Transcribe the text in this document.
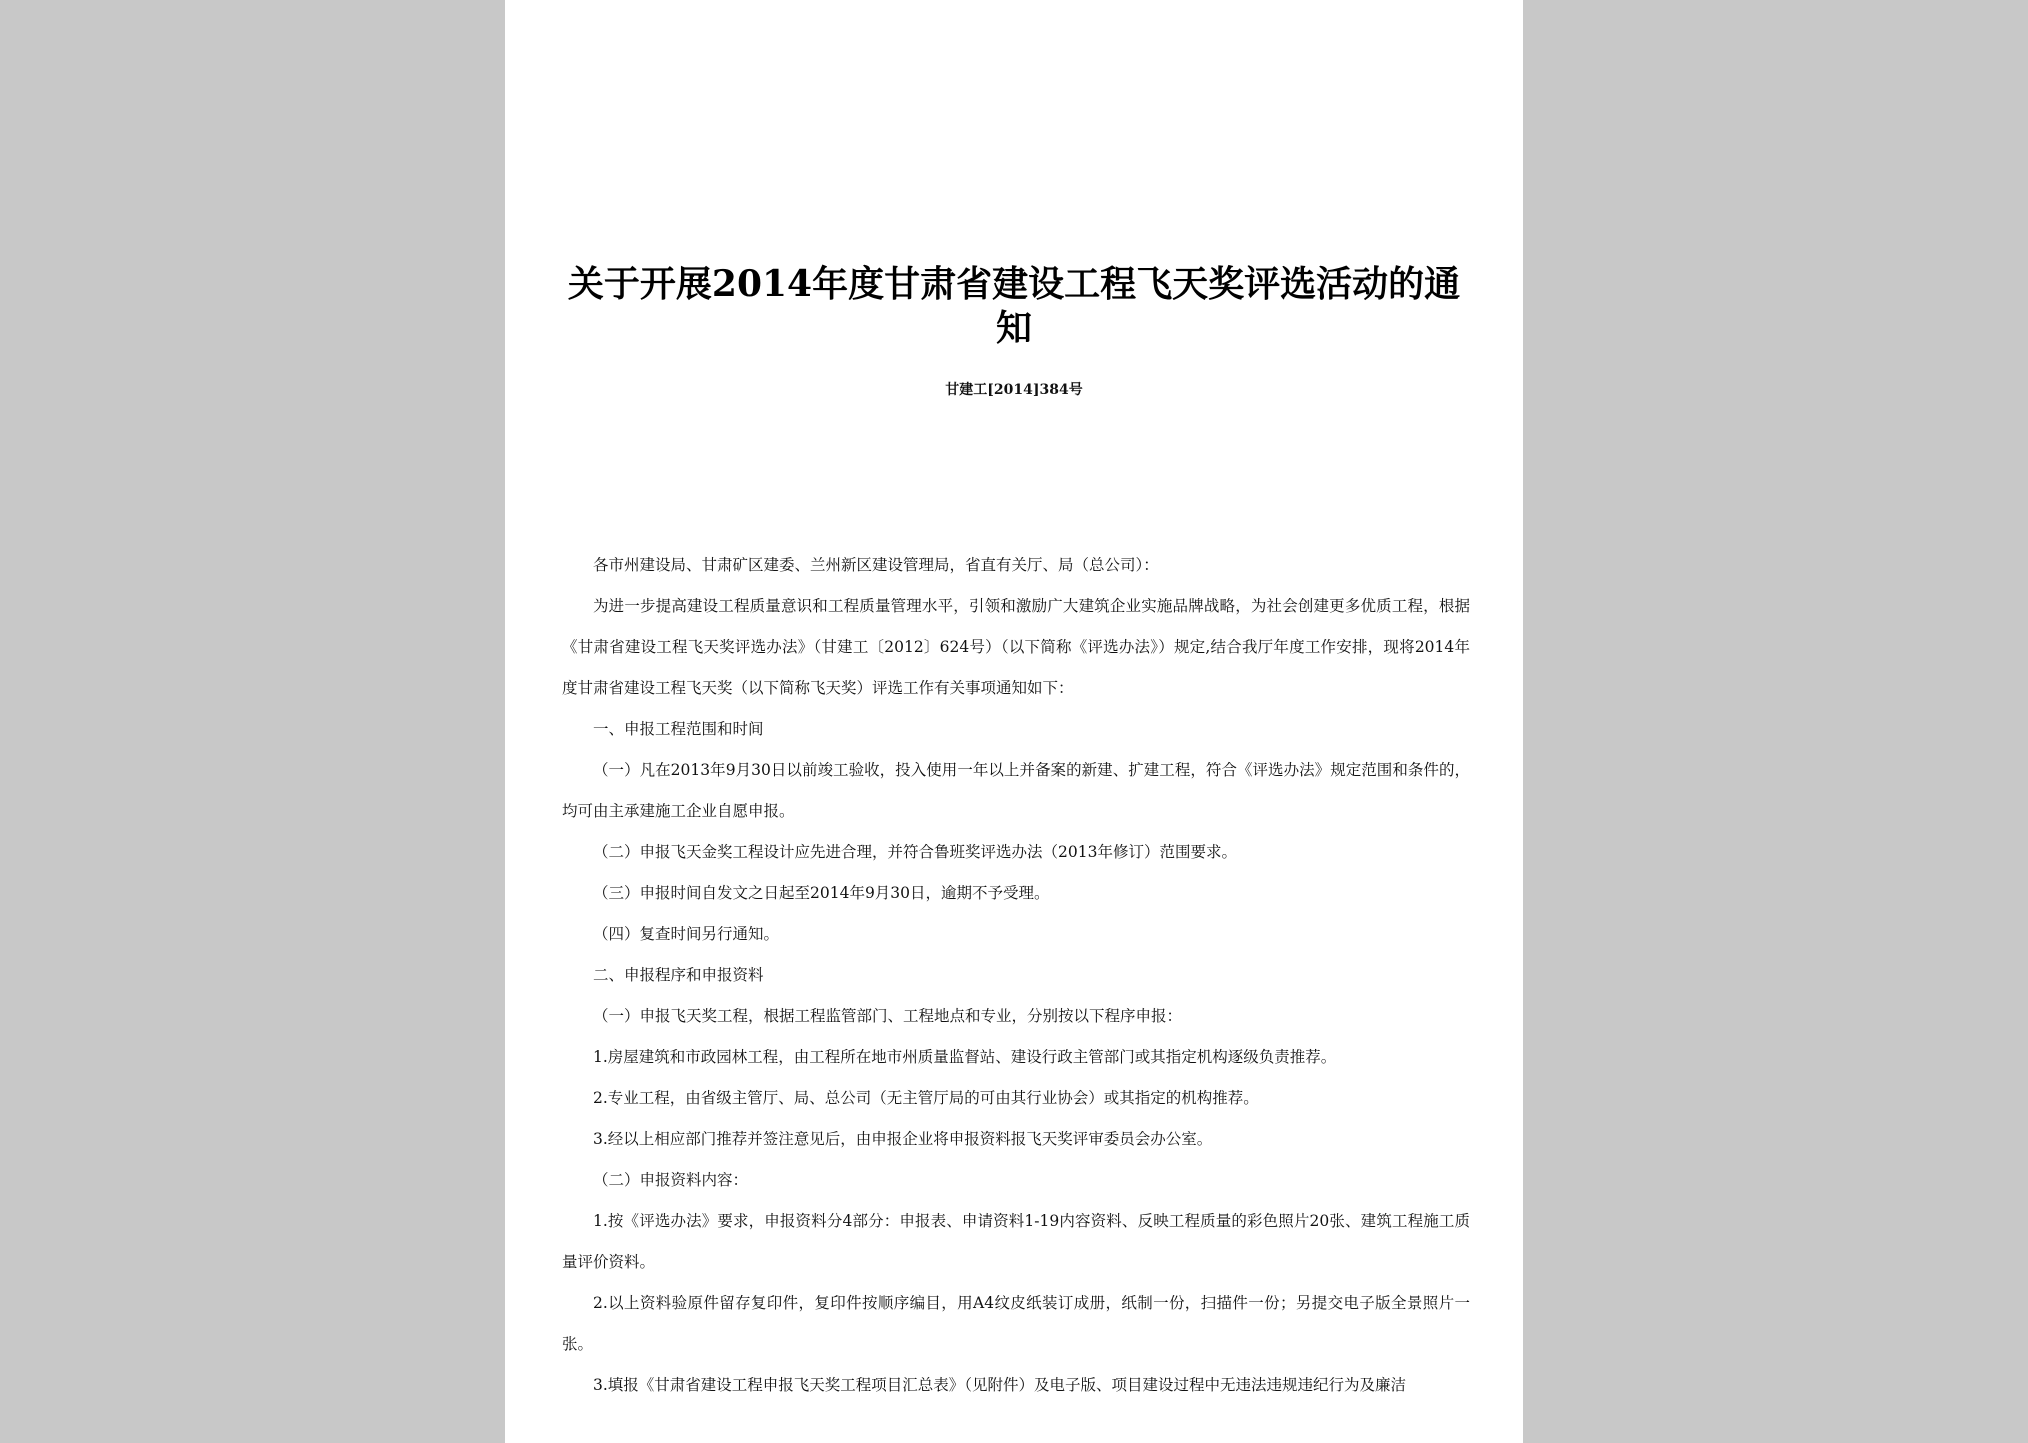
关于开展2014年度甘肃省建设工程飞天奖评选活动的通知
甘建工[2014]384号

各市州建设局、甘肃矿区建委、兰州新区建设管理局，省直有关厅、局（总公司）：

为进一步提高建设工程质量意识和工程质量管理水平，引领和激励广大建筑企业实施品牌战略，为社会创建更多优质工程，根据《甘肃省建设工程飞天奖评选办法》（甘建工〔2012〕624号）（以下简称《评选办法》）规定,结合我厅年度工作安排，现将2014年度甘肃省建设工程飞天奖（以下简称飞天奖）评选工作有关事项通知如下：

一、申报工程范围和时间

（一）凡在2013年9月30日以前竣工验收，投入使用一年以上并备案的新建、扩建工程，符合《评选办法》规定范围和条件的，均可由主承建施工企业自愿申报。

（二）申报飞天金奖工程设计应先进合理，并符合鲁班奖评选办法（2013年修订）范围要求。

（三）申报时间自发文之日起至2014年9月30日，逾期不予受理。

（四）复查时间另行通知。

二、申报程序和申报资料

（一）申报飞天奖工程，根据工程监管部门、工程地点和专业，分别按以下程序申报：

1.房屋建筑和市政园林工程，由工程所在地市州质量监督站、建设行政主管部门或其指定机构逐级负责推荐。

2.专业工程，由省级主管厅、局、总公司（无主管厅局的可由其行业协会）或其指定的机构推荐。

3.经以上相应部门推荐并签注意见后，由申报企业将申报资料报飞天奖评审委员会办公室。

（二）申报资料内容：

1.按《评选办法》要求，申报资料分4部分：申报表、申请资料1-19内容资料、反映工程质量的彩色照片20张、建筑工程施工质量评价资料。

2.以上资料验原件留存复印件，复印件按顺序编目，用A4纹皮纸装订成册，纸制一份，扫描件一份；另提交电子版全景照片一张。

3.填报《甘肃省建设工程申报飞天奖工程项目汇总表》（见附件）及电子版、项目建设过程中无违法违规违纪行为及廉洁
